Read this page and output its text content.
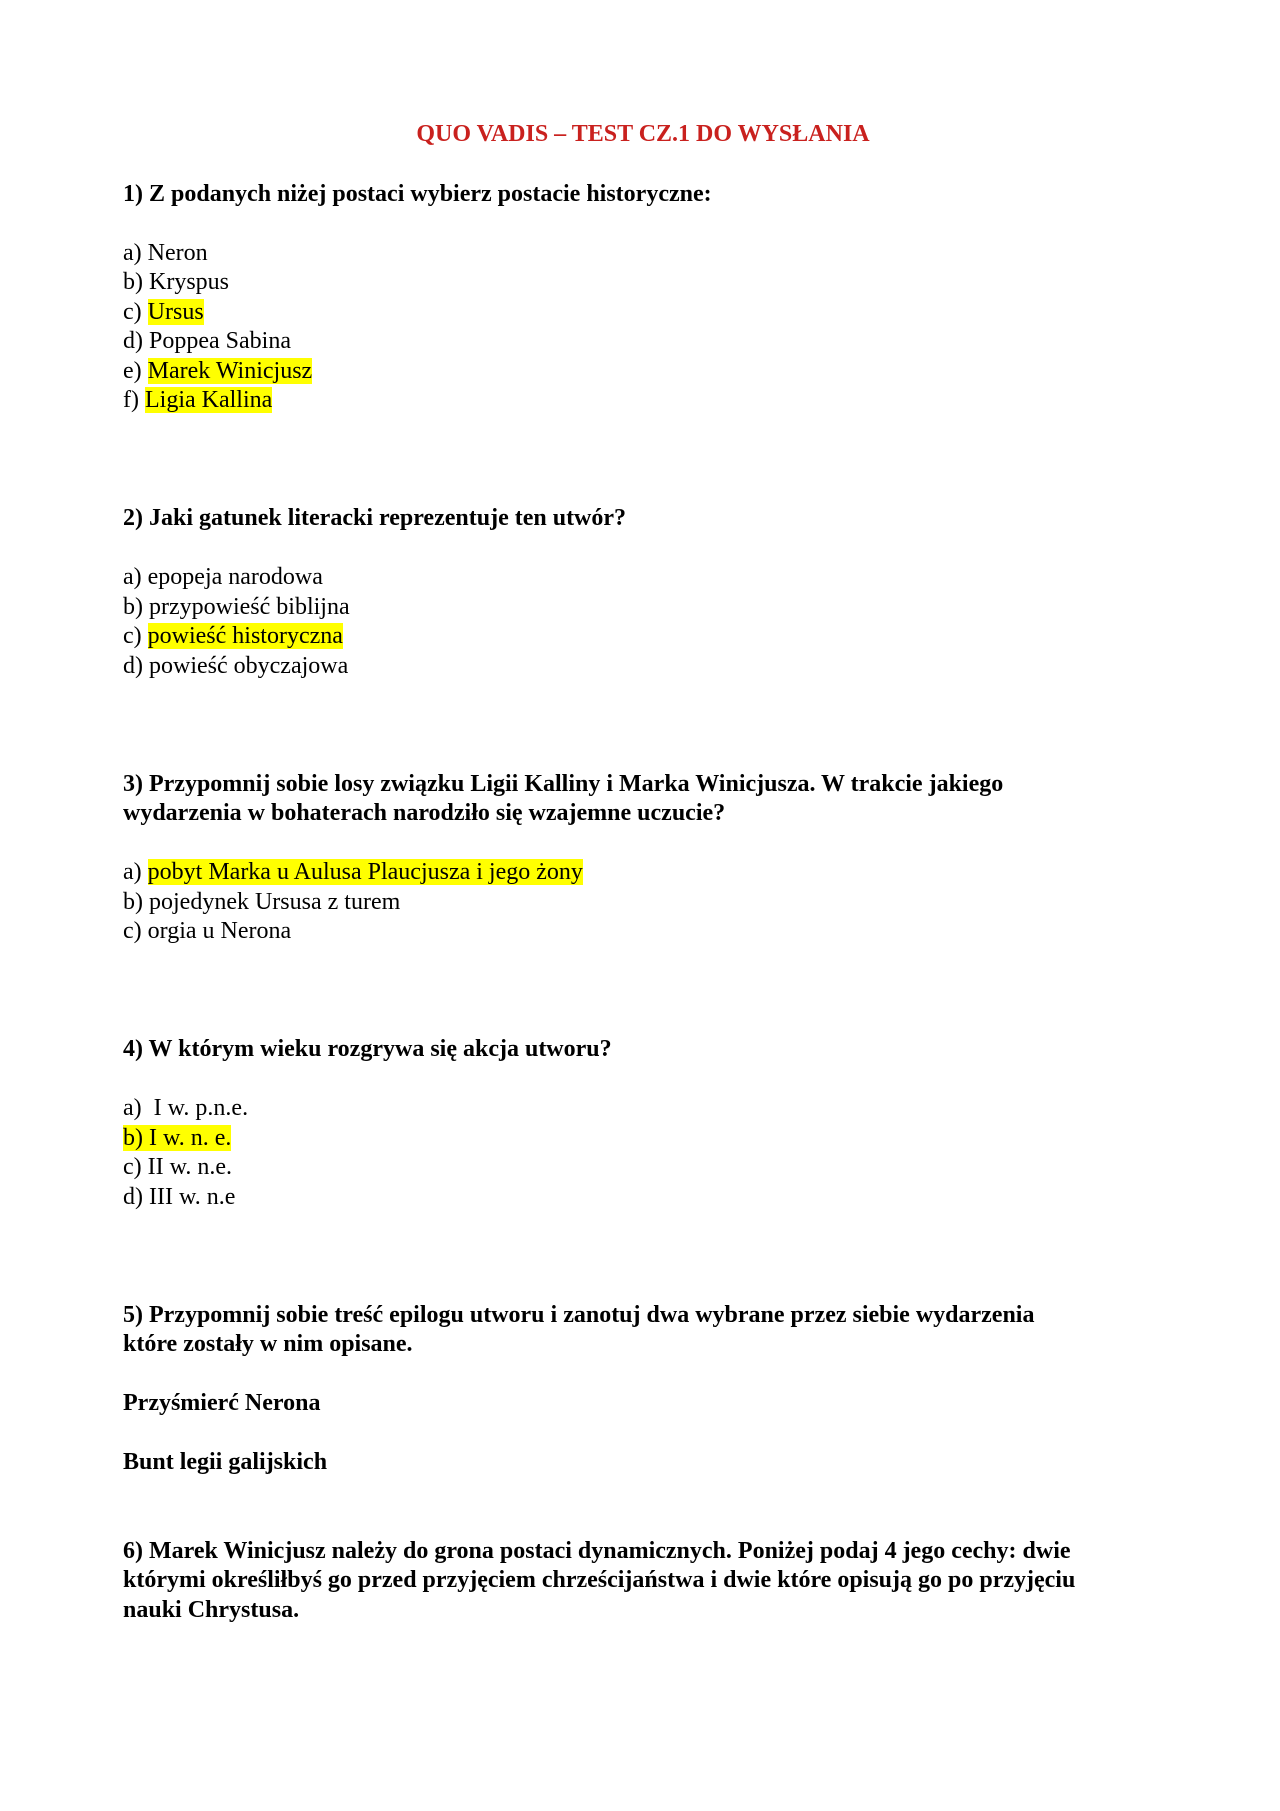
QUO VADIS – TEST CZ.1 DO WYSŁANIA

1) Z podanych niżej postaci wybierz postacie historyczne:

a) Neron

b) Kryspus

c) Ursus

d) Poppea Sabina

e) Marek Winicjusz

f) Ligia Kallina

2) Jaki gatunek literacki reprezentuje ten utwór?

a) epopeja narodowa

b) przypowieść biblijna

c) powieść historyczna

d) powieść obyczajowa

3) Przypomnij sobie losy związku Ligii Kalliny i Marka Winicjusza. W trakcie jakiego

wydarzenia w bohaterach narodziło się wzajemne uczucie?

a) pobyt Marka u Aulusa Plaucjusza i jego żony

b) pojedynek Ursusa z turem

c) orgia u Nerona

4) W którym wieku rozgrywa się akcja utworu?

a)  I w. p.n.e.

b) I w. n. e.

c) II w. n.e.

d) III w. n.e

5) Przypomnij sobie treść epilogu utworu i zanotuj dwa wybrane przez siebie wydarzenia

które zostały w nim opisane.

Przyśmierć Nerona

Bunt legii galijskich

6) Marek Winicjusz należy do grona postaci dynamicznych. Poniżej podaj 4 jego cechy: dwie

którymi określiłbyś go przed przyjęciem chrześcijaństwa i dwie które opisują go po przyjęciu

nauki Chrystusa.
